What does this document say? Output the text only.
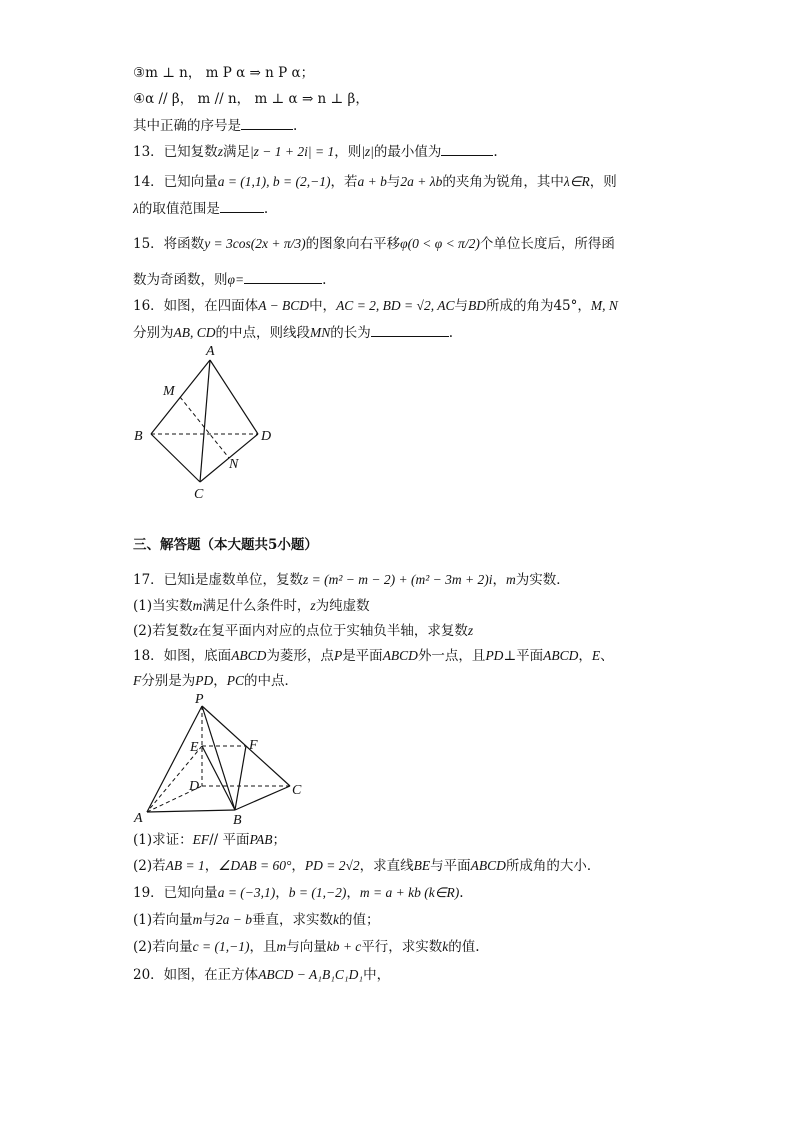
③m ⊥ n， m P α ⇒ n P α；
④α // β， m // n， m ⊥ α ⇒ n ⊥ β，
其中正确的序号是	.
13．已知复数z满足|z − 1 + 2i| = 1，则|z|的最小值为	.
14．已知向量a = (1,1), b = (2,−1)，若a + b与2a + λb的夹角为锐角，其中λ∈R，则
λ的取值范围是	.
15．将函数y = 3cos(2x + π/3)的图象向右平移φ(0 < φ < π/2)个单位长度后，所得函
数为奇函数，则φ=	.
16．如图，在四面体A − BCD中，AC = 2, BD = √2, AC与BD所成的角为45°，M, N
分别为AB, CD的中点，则线段MN的长为	.
A
M
B	D
N
C
三、解答题（本大题共5小题）
17．已知i是虚数单位，复数z = (m² − m − 2) + (m² − 3m + 2)i，m为实数．
(1)当实数m满足什么条件时，z为纯虚数
(2)若复数z在复平面内对应的点位于实轴负半轴，求复数z
18．如图，底面ABCD为菱形，点P是平面ABCD外一点，且PD⊥平面ABCD，E、
F分别是为PD，PC的中点．
P
E	F
D	C
A	B
(1)求证：EF// 平面PAB；
(2)若AB = 1，∠DAB = 60°，PD = 2√2，求直线BE与平面ABCD所成角的大小．
19．已知向量a = (−3,1)，b = (1,−2)，m = a + kb (k∈R).
(1)若向量m与2a − b垂直，求实数k的值；
(2)若向量c = (1,−1)，且m与向量kb + c平行，求实数k的值.
20．如图，在正方体ABCD − A₁B₁C₁D₁中，
